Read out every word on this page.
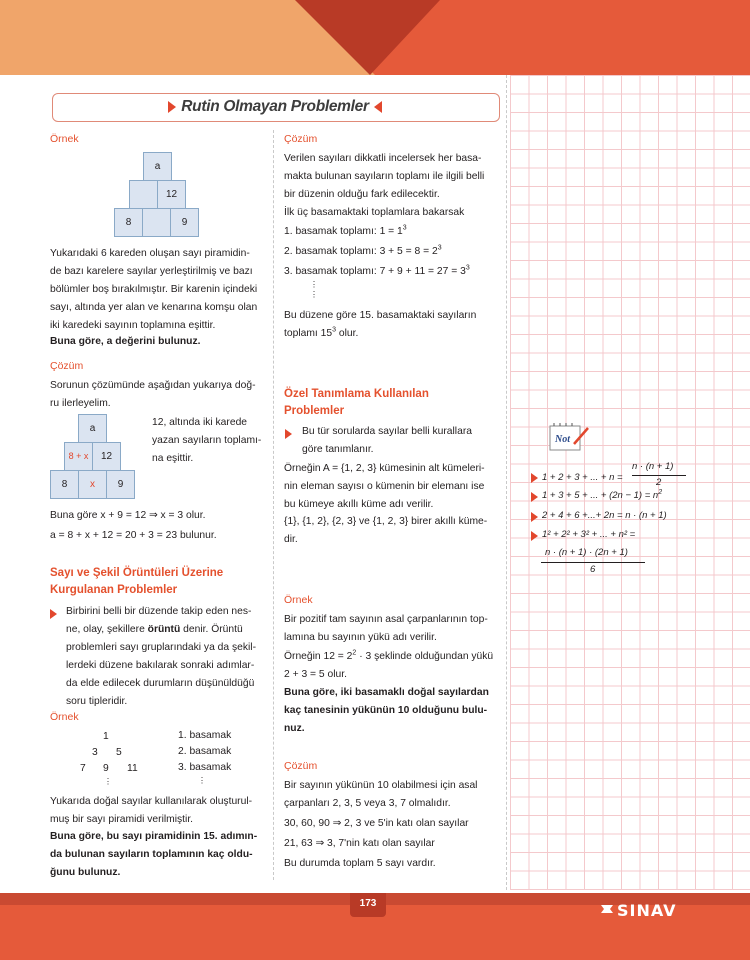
Rutin Olmayan Problemler
Örnek
a
12
8	9
Yukarıdaki 6 kareden oluşan sayı piramidin-
de bazı karelere sayılar yerleştirilmiş ve bazı
bölümler boş bırakılmıştır. Bir karenin içindeki
sayı, altında yer alan ve kenarına komşu olan
iki karedeki sayının toplamına eşittir.
Buna göre, a değerini bulunuz.
Çözüm
Sorunun çözümünde aşağıdan yukarıya doğ-
ru ilerleyelim.
a
8 + x	12
8	x	9
12, altında iki karede
yazan sayıların toplamı-
na eşittir.
Buna göre x + 9 = 12 ⇒ x = 3 olur.
a = 8 + x + 12 = 20 + 3 = 23 bulunur.
Sayı ve Şekil Örüntüleri Üzerine
Kurgulanan Problemler
Birbirini belli bir düzende takip eden nes-
ne, olay, şekillere örüntü denir. Örüntü
problemleri sayı gruplarındaki ya da şekil-
lerdeki düzene bakılarak sonraki adımlar-
da elde edilecek durumların düşünüldüğü
soru tipleridir.
Örnek
1
3 5
7 9 11
⋮
1. basamak
2. basamak
3. basamak
⋮
Yukarıda doğal sayılar kullanılarak oluşturul-
muş bir sayı piramidi verilmiştir.
Buna göre, bu sayı piramidinin 15. adımın-
da bulunan sayıların toplamının kaç oldu-
ğunu bulunuz.
Çözüm
Verilen sayıları dikkatli incelersek her basa-
makta bulunan sayıların toplamı ile ilgili belli
bir düzenin olduğu fark edilecektir.
İlk üç basamaktaki toplamlara bakarsak
1. basamak toplamı: $1 = 1^3$
2. basamak toplamı: $3 + 5 = 8 = 2^3$
3. basamak toplamı: $7 + 9 + 11 = 27 = 3^3$
⋮
⋮
Bu düzene göre 15. basamaktaki sayıların
toplamı $15^3$ olur.
Özel Tanımlama Kullanılan
Problemler
Bu tür sorularda sayılar belli kurallara
göre tanımlanır.
Örneğin A = {1, 2, 3} kümesinin alt kümeleri-
nin eleman sayısı o kümenin bir elemanı ise
bu kümeye akıllı küme adı verilir.
{1}, {1, 2}, {2, 3} ve {1, 2, 3} birer akıllı küme-
dir.
Örnek
Bir pozitif tam sayının asal çarpanlarının top-
lamına bu sayının yükü adı verilir.
Örneğin $12 = 2^2 \cdot 3$ şeklinde olduğundan yükü
2 + 3 = 5 olur.
Buna göre, iki basamaklı doğal sayılardan
kaç tanesinin yükünün 10 olduğunu bulu-
nuz.
Çözüm
Bir sayının yükünün 10 olabilmesi için asal
çarpanları 2, 3, 5 veya 3, 7 olmalıdır.
30, 60, 90 ⇒ 2, 3 ve 5'in katı olan sayılar
21, 63 ⇒ 3, 7'nin katı olan sayılar
Bu durumda toplam 5 sayı vardır.
Not
n · (n + 1)
1 + 2 + 3 + ... + n =	2
1 + 3 + 5 + ... + $(2n - 1) = n^2$
2 + 4 + 6 +...+ 2n = n · (n + 1)
1² + 2² + 3² + ... + n² =
n · (n + 1) · (2n + 1)
6
173	SINAV
